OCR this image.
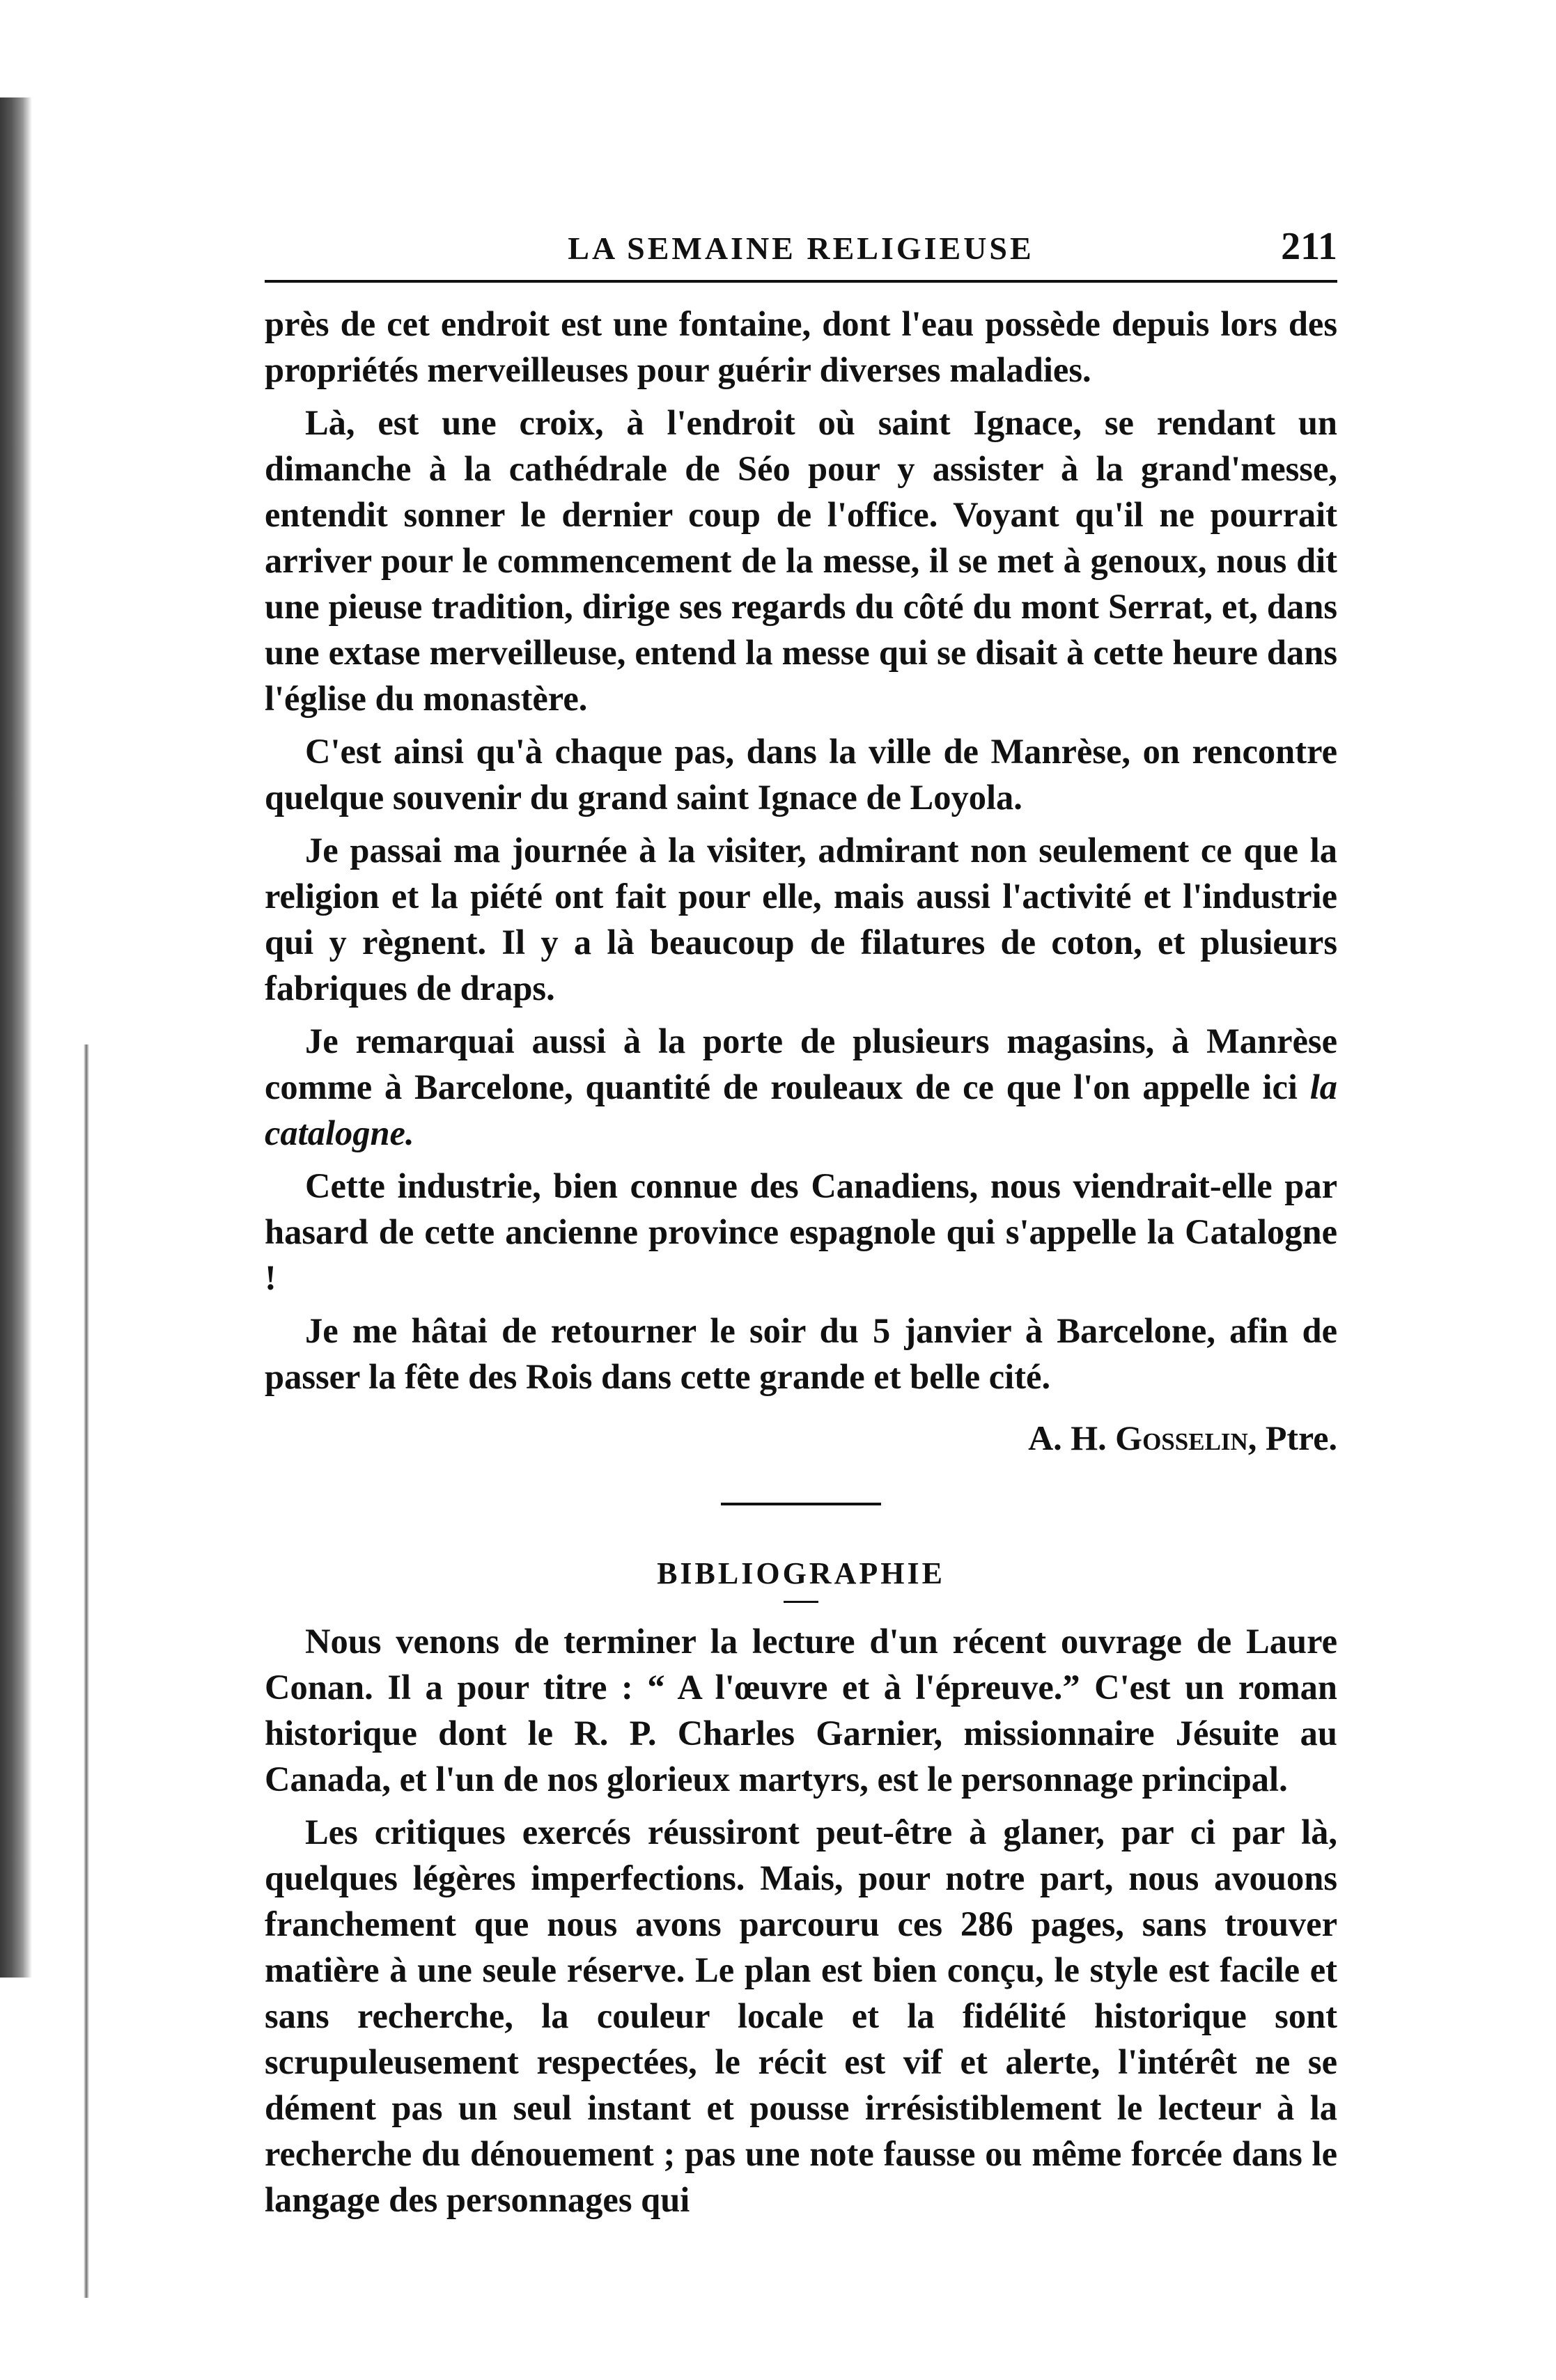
LA SEMAINE RELIGIEUSE	211

près de cet endroit est une fontaine, dont l'eau possède depuis lors des propriétés merveilleuses pour guérir diverses maladies.

Là, est une croix, à l'endroit où saint Ignace, se rendant un dimanche à la cathédrale de Séo pour y assister à la grand'messe, entendit sonner le dernier coup de l'office. Voyant qu'il ne pourrait arriver pour le commencement de la messe, il se met à genoux, nous dit une pieuse tradition, dirige ses regards du côté du mont Serrat, et, dans une extase merveilleuse, entend la messe qui se disait à cette heure dans l'église du monastère.

C'est ainsi qu'à chaque pas, dans la ville de Manrèse, on rencontre quelque souvenir du grand saint Ignace de Loyola.

Je passai ma journée à la visiter, admirant non seulement ce que la religion et la piété ont fait pour elle, mais aussi l'activité et l'industrie qui y règnent. Il y a là beaucoup de filatures de coton, et plusieurs fabriques de draps.

Je remarquai aussi à la porte de plusieurs magasins, à Manrèse comme à Barcelone, quantité de rouleaux de ce que l'on appelle ici la catalogne.

Cette industrie, bien connue des Canadiens, nous viendrait-elle par hasard de cette ancienne province espagnole qui s'appelle la Catalogne !

Je me hâtai de retourner le soir du 5 janvier à Barcelone, afin de passer la fête des Rois dans cette grande et belle cité.

A. H. Gosselin, Ptre.
BIBLIOGRAPHIE

Nous venons de terminer la lecture d'un récent ouvrage de Laure Conan. Il a pour titre : “ A l'œuvre et à l'épreuve.” C'est un roman historique dont le R. P. Charles Garnier, missionnaire Jésuite au Canada, et l'un de nos glorieux martyrs, est le personnage principal.

Les critiques exercés réussiront peut-être à glaner, par ci par là, quelques légères imperfections. Mais, pour notre part, nous avouons franchement que nous avons parcouru ces 286 pages, sans trouver matière à une seule réserve. Le plan est bien conçu, le style est facile et sans recherche, la couleur locale et la fidélité historique sont scrupuleusement respectées, le récit est vif et alerte, l'intérêt ne se dément pas un seul instant et pousse irrésistiblement le lecteur à la recherche du dénouement ; pas une note fausse ou même forcée dans le langage des personnages qui
